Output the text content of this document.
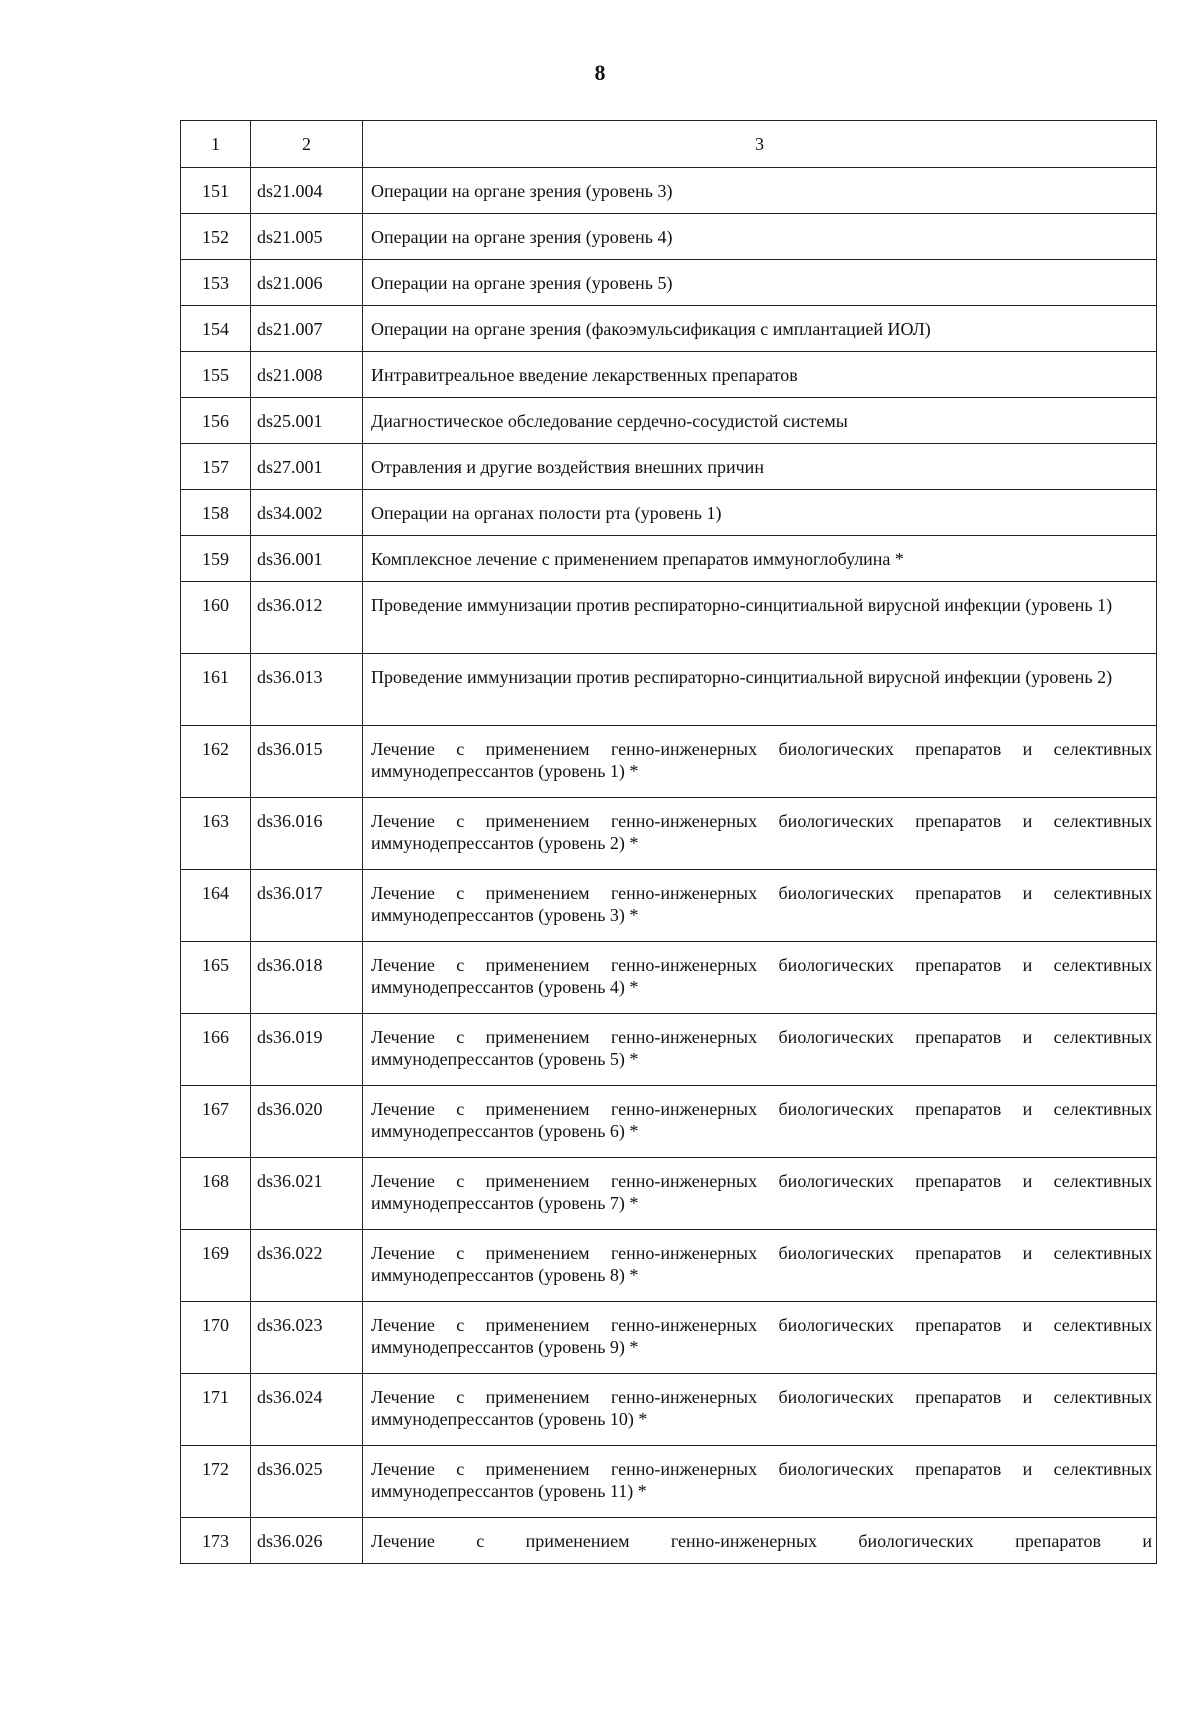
8
1	2	3
151	ds21.004	Операции на органе зрения (уровень 3)
152	ds21.005	Операции на органе зрения (уровень 4)
153	ds21.006	Операции на органе зрения (уровень 5)
154	ds21.007	Операции на органе зрения (факоэмульсификация с имплантацией ИОЛ)
155	ds21.008	Интравитреальное введение лекарственных препаратов
156	ds25.001	Диагностическое обследование сердечно-сосудистой системы
157	ds27.001	Отравления и другие воздействия внешних причин
158	ds34.002	Операции на органах полости рта (уровень 1)
159	ds36.001	Комплексное лечение с применением препаратов иммуноглобулина *
160	ds36.012	Проведение иммунизации против респираторно-синцитиальной вирусной инфекции (уровень 1)
161	ds36.013	Проведение иммунизации против респираторно-синцитиальной вирусной инфекции (уровень 2)
162	ds36.015	Лечение с применением генно-инженерных биологических препаратов и селективных иммунодепрессантов (уровень 1) *
163	ds36.016	Лечение с применением генно-инженерных биологических препаратов и селективных иммунодепрессантов (уровень 2) *
164	ds36.017	Лечение с применением генно-инженерных биологических препаратов и селективных иммунодепрессантов (уровень 3) *
165	ds36.018	Лечение с применением генно-инженерных биологических препаратов и селективных иммунодепрессантов (уровень 4) *
166	ds36.019	Лечение с применением генно-инженерных биологических препаратов и селективных иммунодепрессантов (уровень 5) *
167	ds36.020	Лечение с применением генно-инженерных биологических препаратов и селективных иммунодепрессантов (уровень 6) *
168	ds36.021	Лечение с применением генно-инженерных биологических препаратов и селективных иммунодепрессантов (уровень 7) *
169	ds36.022	Лечение с применением генно-инженерных биологических препаратов и селективных иммунодепрессантов (уровень 8) *
170	ds36.023	Лечение с применением генно-инженерных биологических препаратов и селективных иммунодепрессантов (уровень 9) *
171	ds36.024	Лечение с применением генно-инженерных биологических препаратов и селективных иммунодепрессантов (уровень 10) *
172	ds36.025	Лечение с применением генно-инженерных биологических препаратов и селективных иммунодепрессантов (уровень 11) *
173	ds36.026	Лечение с применением генно-инженерных биологических препаратов и
